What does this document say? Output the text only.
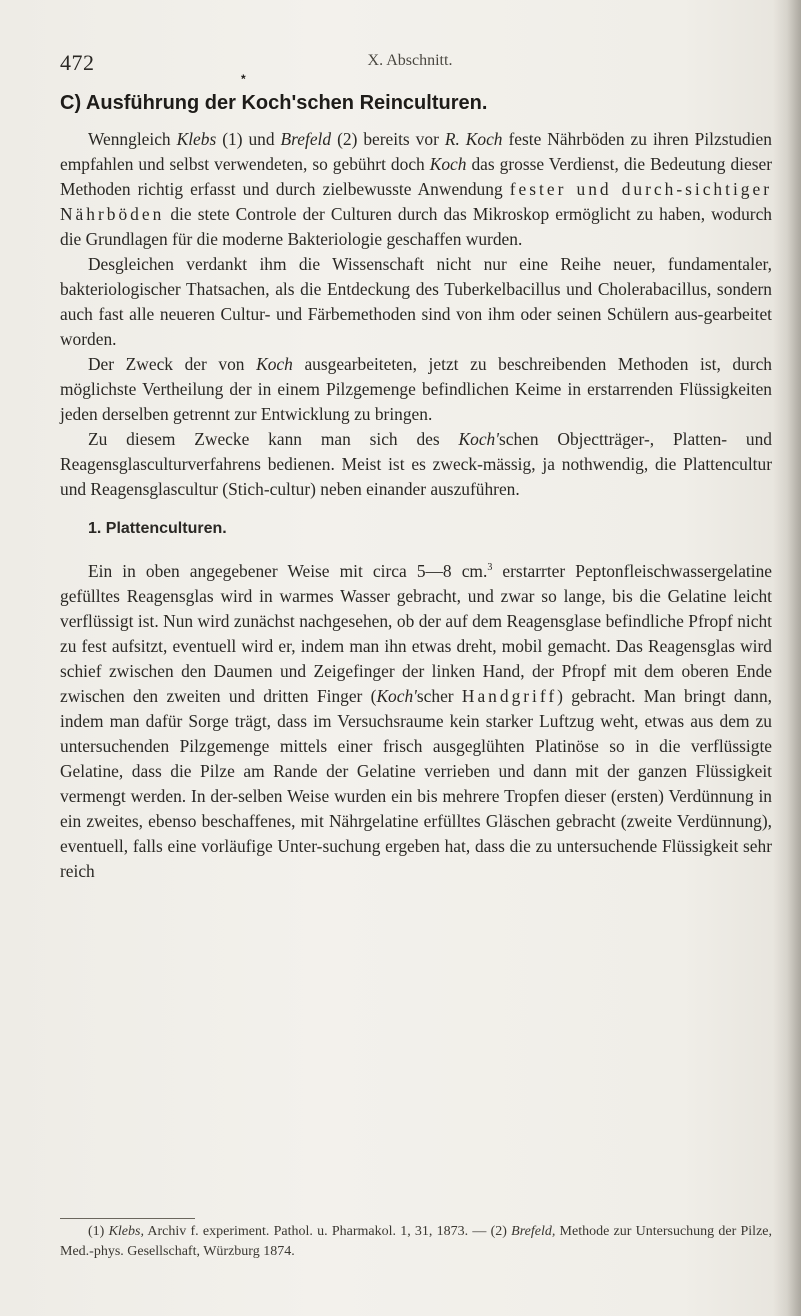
472	X. Abschnitt.
*
C) Ausführung der Koch'schen Reinculturen.

Wenngleich Klebs (1) und Brefeld (2) bereits vor R. Koch feste Nährböden zu ihren Pilzstudien empfahlen und selbst verwendeten, so gebührt doch Koch das grosse Verdienst, die Bedeutung dieser Methoden richtig erfasst und durch zielbewusste Anwendung fester und durch-sichtiger Nährböden die stete Controle der Culturen durch das Mikroskop ermöglicht zu haben, wodurch die Grundlagen für die moderne Bakteriologie geschaffen wurden.

Desgleichen verdankt ihm die Wissenschaft nicht nur eine Reihe neuer, fundamentaler, bakteriologischer Thatsachen, als die Entdeckung des Tuberkelbacillus und Cholerabacillus, sondern auch fast alle neueren Cultur- und Färbemethoden sind von ihm oder seinen Schülern aus-gearbeitet worden.

Der Zweck der von Koch ausgearbeiteten, jetzt zu beschreibenden Methoden ist, durch möglichste Vertheilung der in einem Pilzgemenge befindlichen Keime in erstarrenden Flüssigkeiten jeden derselben getrennt zur Entwicklung zu bringen.

Zu diesem Zwecke kann man sich des Koch'schen Objectträger-, Platten- und Reagensglasculturverfahrens bedienen. Meist ist es zweck-mässig, ja nothwendig, die Plattencultur und Reagensglascultur (Stich-cultur) neben einander auszuführen.

1. Plattenculturen.

Ein in oben angegebener Weise mit circa 5—8 cm.$^3$ erstarrter Peptonfleischwassergelatine gefülltes Reagensglas wird in warmes Wasser gebracht, und zwar so lange, bis die Gelatine leicht verflüssigt ist. Nun wird zunächst nachgesehen, ob der auf dem Reagensglase befindliche Pfropf nicht zu fest aufsitzt, eventuell wird er, indem man ihn etwas dreht, mobil gemacht. Das Reagensglas wird schief zwischen den Daumen und Zeigefinger der linken Hand, der Pfropf mit dem oberen Ende zwischen den zweiten und dritten Finger (Koch'scher Handgriff) gebracht. Man bringt dann, indem man dafür Sorge trägt, dass im Versuchsraume kein starker Luftzug weht, etwas aus dem zu untersuchenden Pilzgemenge mittels einer frisch ausgeglühten Platinöse so in die verflüssigte Gelatine, dass die Pilze am Rande der Gelatine verrieben und dann mit der ganzen Flüssigkeit vermengt werden. In der-selben Weise wurden ein bis mehrere Tropfen dieser (ersten) Verdünnung in ein zweites, ebenso beschaffenes, mit Nährgelatine erfülltes Gläschen gebracht (zweite Verdünnung), eventuell, falls eine vorläufige Unter-suchung ergeben hat, dass die zu untersuchende Flüssigkeit sehr reich

(1) Klebs, Archiv f. experiment. Pathol. u. Pharmakol. 1, 31, 1873. — (2) Brefeld, Methode zur Untersuchung der Pilze, Med.-phys. Gesellschaft, Würzburg 1874.
